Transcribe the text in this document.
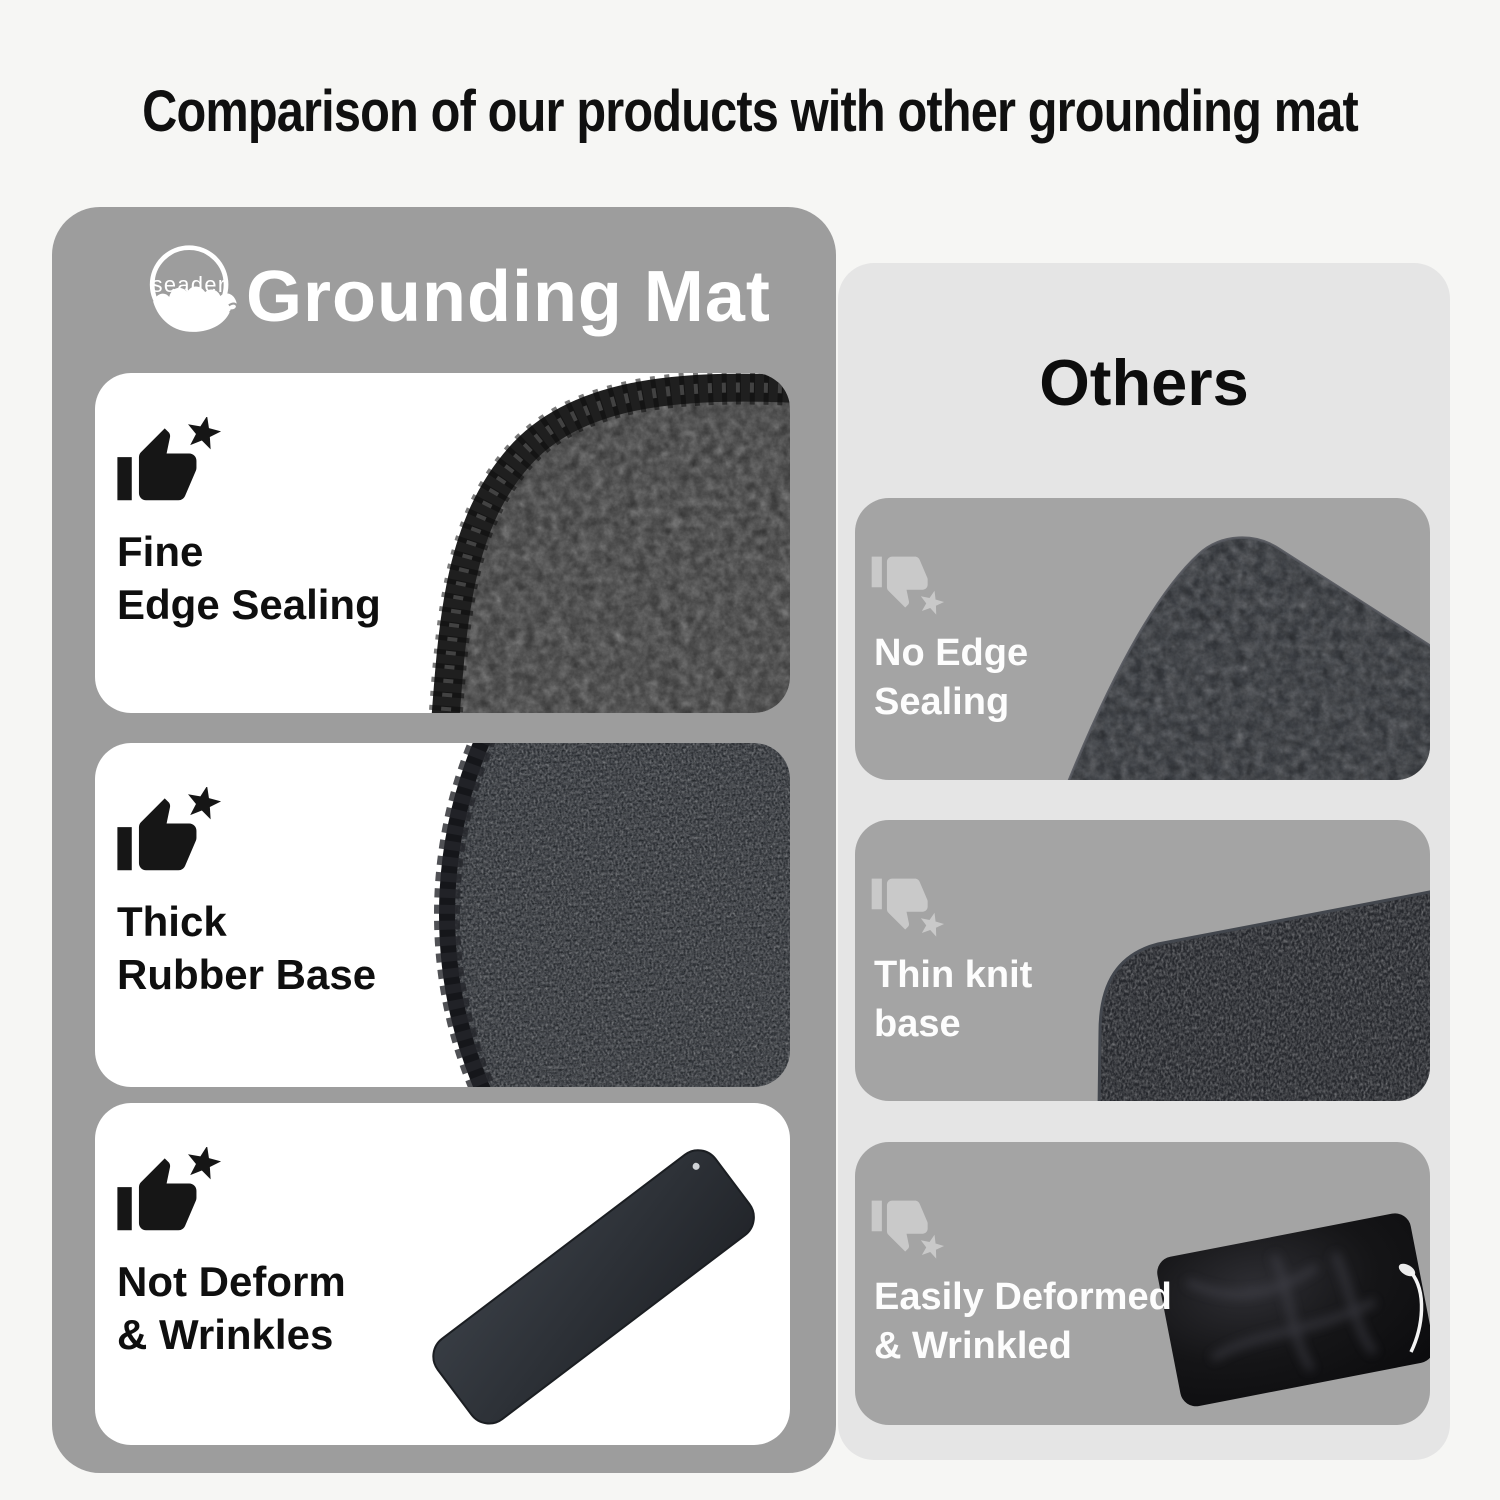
Comparison of our products with other grounding mat
seader Grounding Mat
Fine
Edge Sealing
Thick
Rubber Base
Not Deform
& Wrinkles
Others
No Edge
Sealing
Thin knit
base
Easily Deformed
& Wrinkled
